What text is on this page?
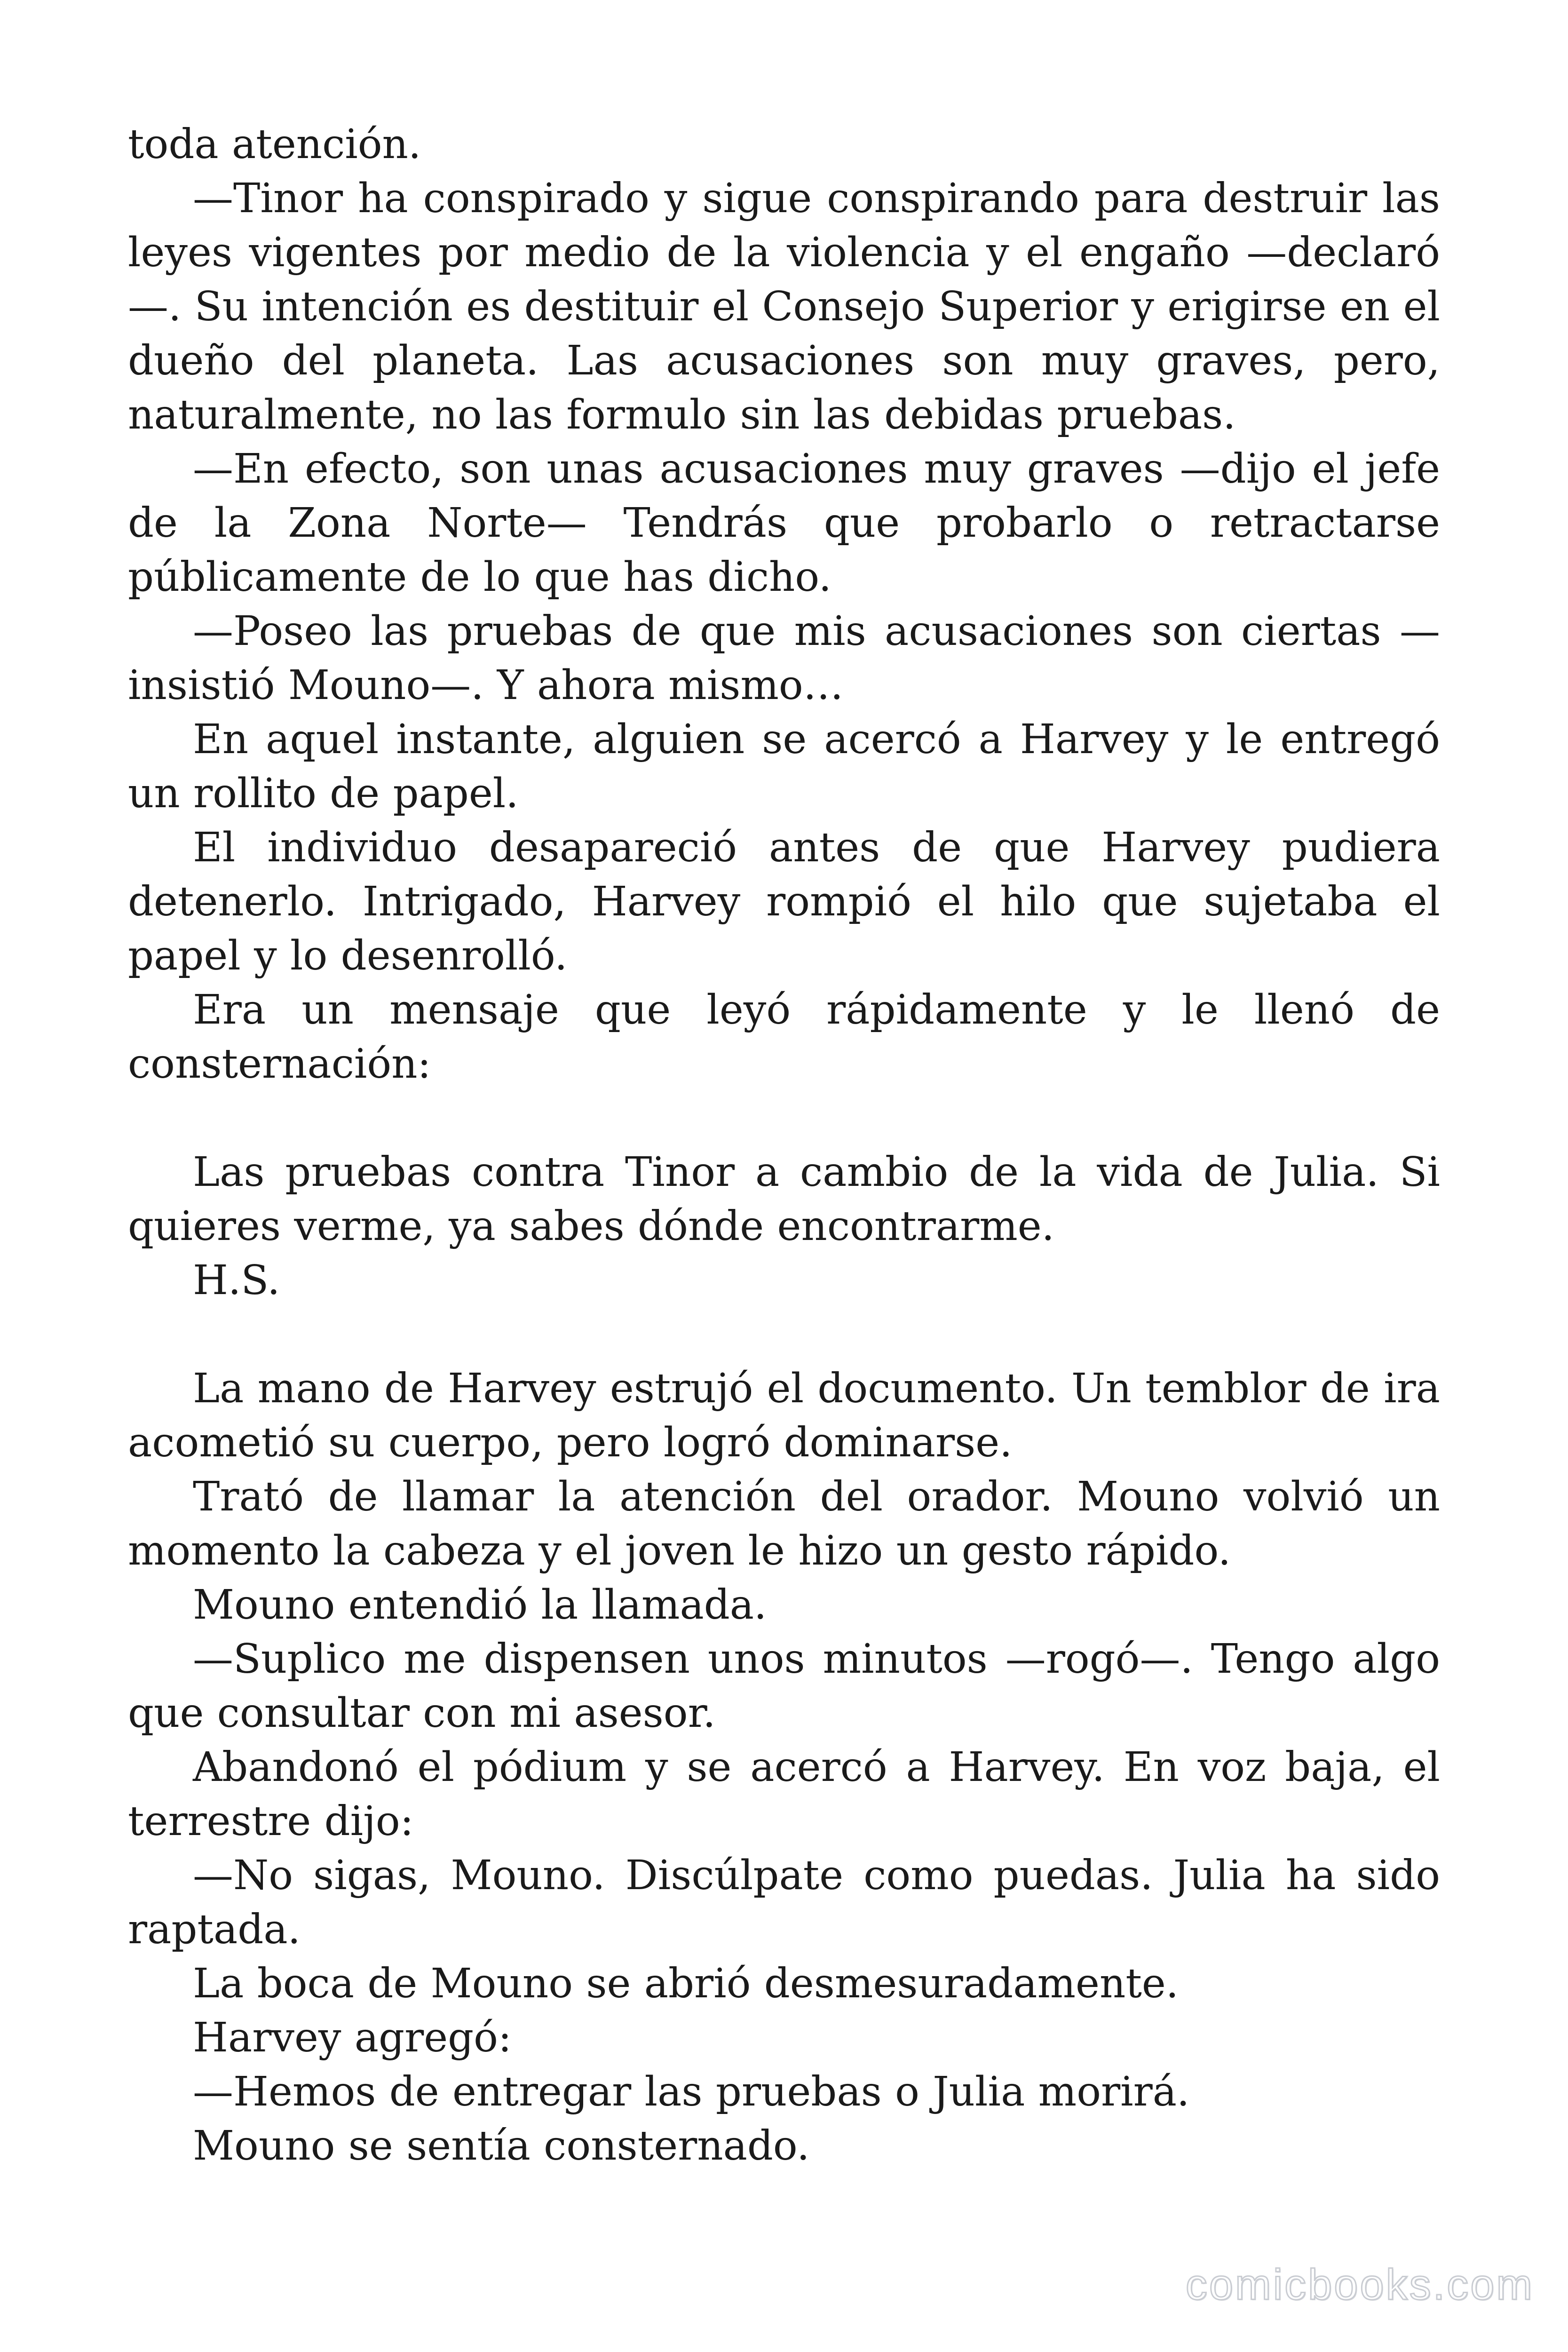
toda atención.

—Tinor ha conspirado y sigue conspirando para destruir las leyes vigentes por medio de la violencia y el engaño —declaró—. Su intención es destituir el Consejo Superior y erigirse en el dueño del planeta. Las acusaciones son muy graves, pero, naturalmente, no las formulo sin las debidas pruebas.

—En efecto, son unas acusaciones muy graves —dijo el jefe de la Zona Norte— Tendrás que probarlo o retractarse públicamente de lo que has dicho.

—Poseo las pruebas de que mis acusaciones son ciertas —insistió Mouno—. Y ahora mismo…

En aquel instante, alguien se acercó a Harvey y le entregó un rollito de papel.

El individuo desapareció antes de que Harvey pudiera detenerlo. Intrigado, Harvey rompió el hilo que sujetaba el papel y lo desenrolló.

Era un mensaje que leyó rápidamente y le llenó de consternación:

Las pruebas contra Tinor a cambio de la vida de Julia. Si quieres verme, ya sabes dónde encontrarme.

H.S.

La mano de Harvey estrujó el documento. Un temblor de ira acometió su cuerpo, pero logró dominarse.

Trató de llamar la atención del orador. Mouno volvió un momento la cabeza y el joven le hizo un gesto rápido.

Mouno entendió la llamada.

—Suplico me dispensen unos minutos —rogó—. Tengo algo que consultar con mi asesor.

Abandonó el pódium y se acercó a Harvey. En voz baja, el terrestre dijo:

—No sigas, Mouno. Discúlpate como puedas. Julia ha sido raptada.

La boca de Mouno se abrió desmesuradamente.

Harvey agregó:

—Hemos de entregar las pruebas o Julia morirá.

Mouno se sentía consternado.

comicbooks.com
